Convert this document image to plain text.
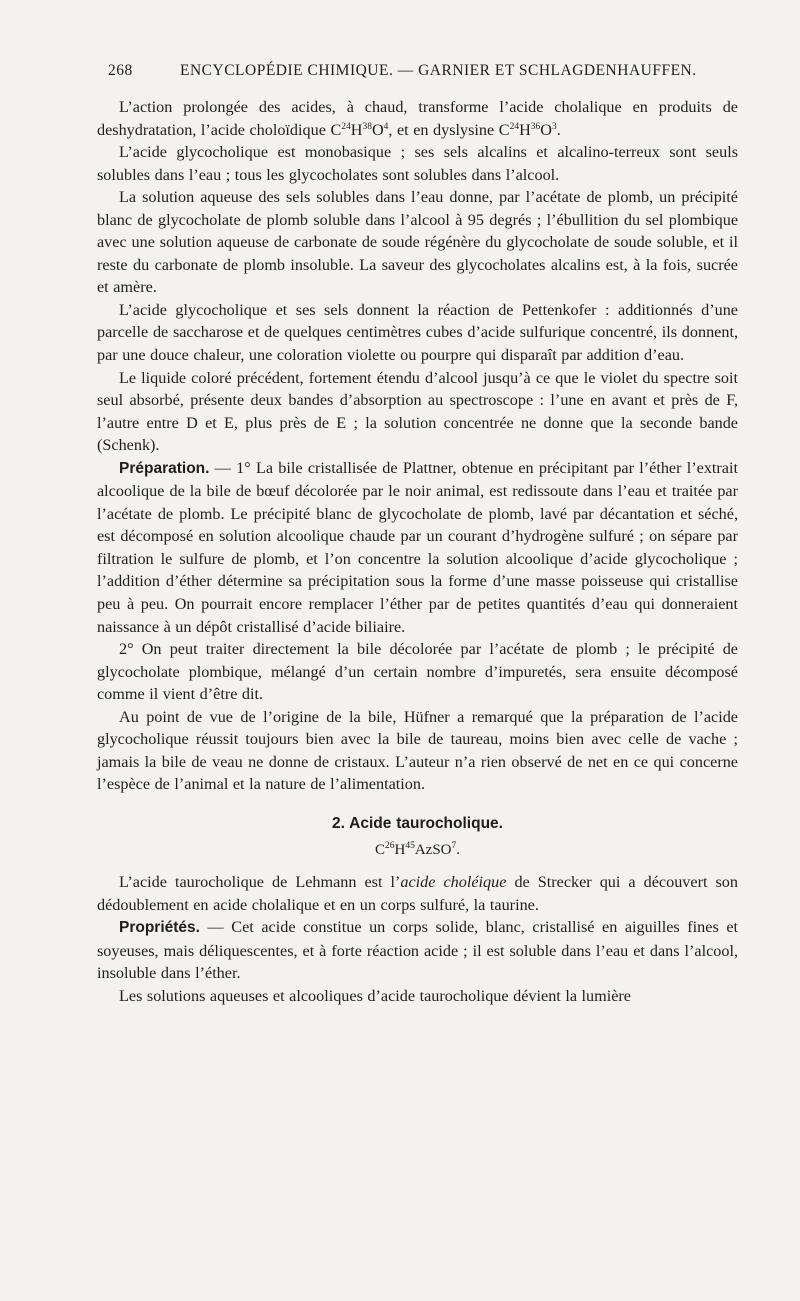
268	ENCYCLOPÉDIE CHIMIQUE. — GARNIER ET SCHLAGDENHAUFFEN.

L’action prolongée des acides, à chaud, transforme l’acide cholalique en produits de deshydratation, l’acide choloïdique $C^{24}H^{38}O^4$, et en dyslysine $C^{24}H^{36}O^3$.

L’acide glycocholique est monobasique ; ses sels alcalins et alcalino-terreux sont seuls solubles dans l’eau ; tous les glycocholates sont solubles dans l’alcool.

La solution aqueuse des sels solubles dans l’eau donne, par l’acétate de plomb, un précipité blanc de glycocholate de plomb soluble dans l’alcool à 95 degrés ; l’ébullition du sel plombique avec une solution aqueuse de carbonate de soude régénère du glycocholate de soude soluble, et il reste du carbonate de plomb insoluble. La saveur des glycocholates alcalins est, à la fois, sucrée et amère.

L’acide glycocholique et ses sels donnent la réaction de Pettenkofer : additionnés d’une parcelle de saccharose et de quelques centimètres cubes d’acide sulfurique concentré, ils donnent, par une douce chaleur, une coloration violette ou pourpre qui disparaît par addition d’eau.

Le liquide coloré précédent, fortement étendu d’alcool jusqu’à ce que le violet du spectre soit seul absorbé, présente deux bandes d’absorption au spectroscope : l’une en avant et près de F, l’autre entre D et E, plus près de E ; la solution concentrée ne donne que la seconde bande (Schenk).

Préparation. — 1° La bile cristallisée de Plattner, obtenue en précipitant par l’éther l’extrait alcoolique de la bile de bœuf décolorée par le noir animal, est redissoute dans l’eau et traitée par l’acétate de plomb. Le précipité blanc de glycocholate de plomb, lavé par décantation et séché, est décomposé en solution alcoolique chaude par un courant d’hydrogène sulfuré ; on sépare par filtration le sulfure de plomb, et l’on concentre la solution alcoolique d’acide glycocholique ; l’addition d’éther détermine sa précipitation sous la forme d’une masse poisseuse qui cristallise peu à peu. On pourrait encore remplacer l’éther par de petites quantités d’eau qui donneraient naissance à un dépôt cristallisé d’acide biliaire.

2° On peut traiter directement la bile décolorée par l’acétate de plomb ; le précipité de glycocholate plombique, mélangé d’un certain nombre d’impuretés, sera ensuite décomposé comme il vient d’être dit.

Au point de vue de l’origine de la bile, Hüfner a remarqué que la préparation de l’acide glycocholique réussit toujours bien avec la bile de taureau, moins bien avec celle de vache ; jamais la bile de veau ne donne de cristaux. L’auteur n’a rien observé de net en ce qui concerne l’espèce de l’animal et la nature de l’alimentation.

2. Acide taurocholique.

$C^{26}H^{45}AzSO^7$.

L’acide taurocholique de Lehmann est l’acide choléique de Strecker qui a découvert son dédoublement en acide cholalique et en un corps sulfuré, la taurine.

Propriétés. — Cet acide constitue un corps solide, blanc, cristallisé en aiguilles fines et soyeuses, mais déliquescentes, et à forte réaction acide ; il est soluble dans l’eau et dans l’alcool, insoluble dans l’éther.

Les solutions aqueuses et alcooliques d’acide taurocholique dévient la lumière
